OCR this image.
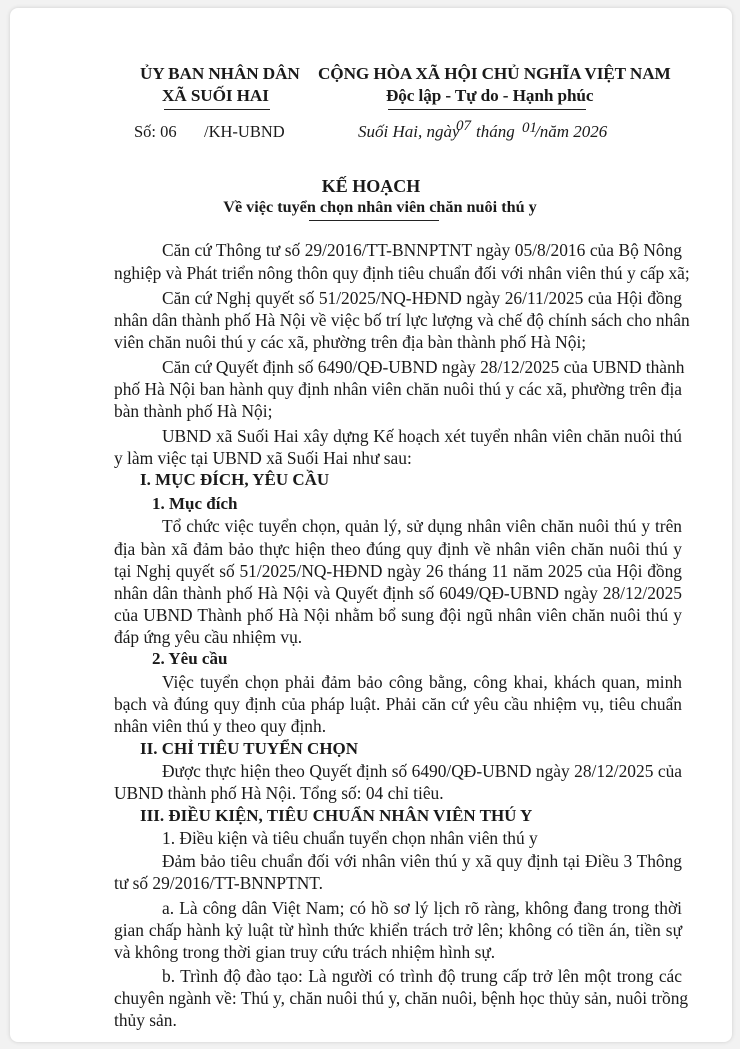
ỦY BAN NHÂN DÂN
XÃ SUỐI HAI
CỘNG HÒA XÃ HỘI CHỦ NGHĨA VIỆT NAM
Độc lập - Tự do - Hạnh phúc
Số: 06 /KH-UBND	Suối Hai, ngày
07 tháng 01
/năm 2026
KẾ HOẠCH
Về việc tuyển chọn nhân viên chăn nuôi thú y
Căn cứ Thông tư số 29/2016/TT-BNNPTNT ngày 05/8/2016 của Bộ Nông
nghiệp và Phát triển nông thôn quy định tiêu chuẩn đối với nhân viên thú y cấp xã;
Căn cứ Nghị quyết số 51/2025/NQ-HĐND ngày 26/11/2025 của Hội đồng
nhân dân thành phố Hà Nội về việc bố trí lực lượng và chế độ chính sách cho nhân
viên chăn nuôi thú y các xã, phường trên địa bàn thành phố Hà Nội;
Căn cứ Quyết định số 6490/QĐ-UBND ngày 28/12/2025 của UBND thành
phố Hà Nội ban hành quy định nhân viên chăn nuôi thú y các xã, phường trên địa
bàn thành phố Hà Nội;
UBND xã Suối Hai xây dựng Kế hoạch xét tuyển nhân viên chăn nuôi thú
y làm việc tại UBND xã Suối Hai như sau:
I. MỤC ĐÍCH, YÊU CẦU
1. Mục đích
Tổ chức việc tuyển chọn, quản lý, sử dụng nhân viên chăn nuôi thú y trên
địa bàn xã đảm bảo thực hiện theo đúng quy định về nhân viên chăn nuôi thú y
tại Nghị quyết số 51/2025/NQ-HĐND ngày 26 tháng 11 năm 2025 của Hội đồng
nhân dân thành phố Hà Nội và Quyết định số 6049/QĐ-UBND ngày 28/12/2025
của UBND Thành phố Hà Nội nhằm bổ sung đội ngũ nhân viên chăn nuôi thú y
đáp ứng yêu cầu nhiệm vụ.
2. Yêu cầu
Việc tuyển chọn phải đảm bảo công bằng, công khai, khách quan, minh
bạch và đúng quy định của pháp luật. Phải căn cứ yêu cầu nhiệm vụ, tiêu chuẩn
nhân viên thú y theo quy định.
II. CHỈ TIÊU TUYỂN CHỌN
Được thực hiện theo Quyết định số 6490/QĐ-UBND ngày 28/12/2025 của
UBND thành phố Hà Nội. Tổng số: 04 chỉ tiêu.
III. ĐIỀU KIỆN, TIÊU CHUẨN NHÂN VIÊN THÚ Y
1. Điều kiện và tiêu chuẩn tuyển chọn nhân viên thú y
Đảm bảo tiêu chuẩn đối với nhân viên thú y xã quy định tại Điều 3 Thông
tư số 29/2016/TT-BNNPTNT.
a. Là công dân Việt Nam; có hồ sơ lý lịch rõ ràng, không đang trong thời
gian chấp hành kỷ luật từ hình thức khiển trách trở lên; không có tiền án, tiền sự
và không trong thời gian truy cứu trách nhiệm hình sự.
b. Trình độ đào tạo: Là người có trình độ trung cấp trở lên một trong các
chuyên ngành về: Thú y, chăn nuôi thú y, chăn nuôi, bệnh học thủy sản, nuôi trồng
thủy sản.
